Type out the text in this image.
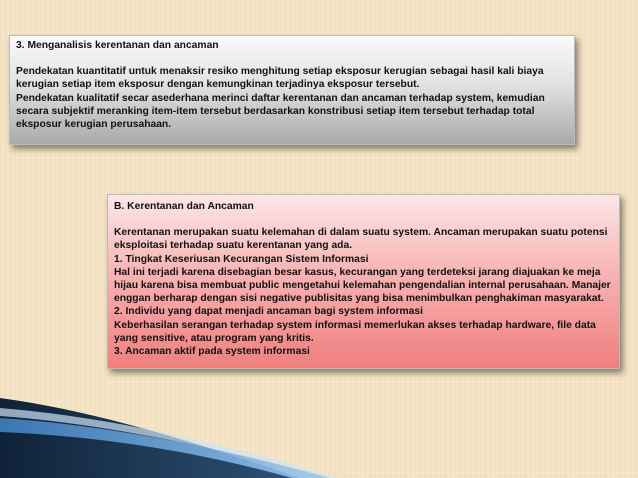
3. Menganalisis kerentanan dan ancaman

Pendekatan kuantitatif untuk menaksir resiko menghitung setiap eksposur kerugian sebagai hasil kali biaya kerugian setiap item eksposur dengan kemungkinan terjadinya eksposur tersebut.

Pendekatan kualitatif secar asederhana merinci daftar kerentanan dan ancaman terhadap system, kemudian secara subjektif meranking item-item tersebut berdasarkan konstribusi setiap item tersebut terhadap total eksposur kerugian perusahaan.

B. Kerentanan dan Ancaman

Kerentanan merupakan suatu kelemahan di dalam suatu system. Ancaman merupakan suatu potensi eksploitasi terhadap suatu kerentanan yang ada.

1. Tingkat Keseriusan Kecurangan Sistem Informasi

Hal ini terjadi karena disebagian besar kasus, kecurangan yang terdeteksi jarang diajuakan ke meja hijau karena bisa membuat public mengetahui kelemahan pengendalian internal perusahaan. Manajer enggan berharap dengan sisi negative publisitas yang bisa menimbulkan penghakiman masyarakat.

2. Individu yang dapat menjadi ancaman bagi system informasi

Keberhasilan serangan terhadap system informasi memerlukan akses terhadap hardware, file data yang sensitive, atau program yang kritis.

3. Ancaman aktif pada system informasi
